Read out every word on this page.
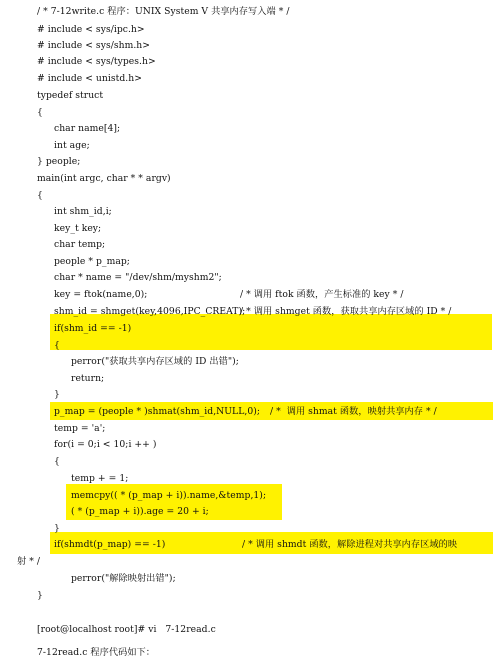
/ * 7-12write.c 程序：UNIX System V 共享内存写入端 * /
# include < sys/ipc.h>
# include < sys/shm.h>
# include < sys/types.h>
# include < unistd.h>
typedef struct
{
char name[4];
int age;
} people;
main(int argc, char * * argv)
{
int shm_id,i;
key_t key;
char temp;
people * p_map;
char * name = "/dev/shm/myshm2";
key = ftok(name,0);	/ * 调用 ftok 函数，产生标准的 key * /
shm_id = shmget(key,4096,IPC_CREAT);
/ * 调用 shmget 函数，获取共享内存区域的 ID * /
if(shm_id == -1)
{
perror("获取共享内存区域的 ID 出错");
return;
}
p_map = (people * )shmat(shm_id,NULL,0); / *  调用 shmat 函数，映射共享内存 * /
temp = 'a';
for(i = 0;i < 10;i ++ )
{
temp + = 1;
memcpy(( * (p_map + i)).name,&temp,1);
( * (p_map + i)).age = 20 + i;
}
if(shmdt(p_map) == -1)	/ * 调用 shmdt 函数，解除进程对共享内存区域的映
射 * /
perror("解除映射出错");
}
[root@localhost root]# vi   7-12read.c
7-12read.c 程序代码如下：
